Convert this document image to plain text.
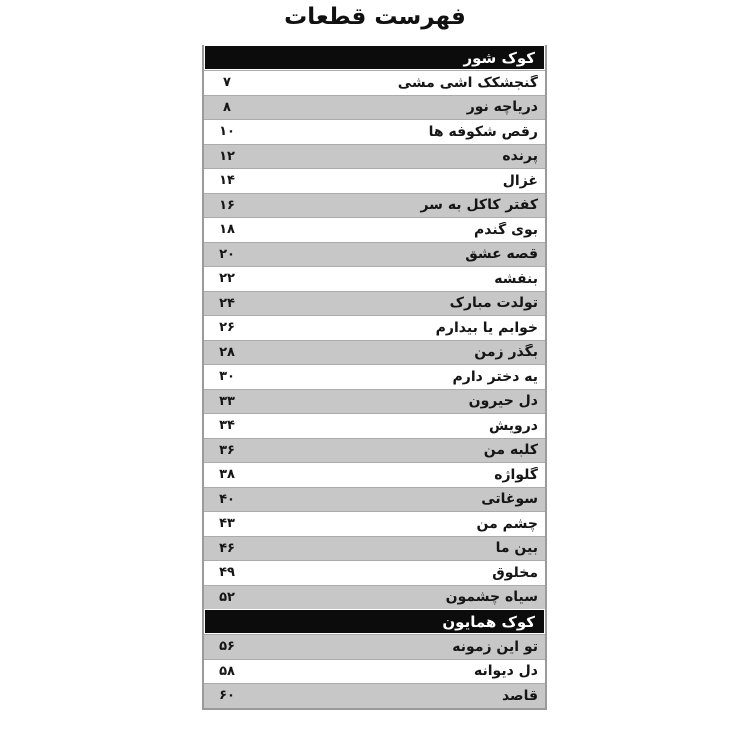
فهرست قطعات
کوک شور
گنجشکک اشی مشی
۷
دریاچه نور
۸
رقص شکوفه ها
۱۰
پرنده
۱۲
غزال
۱۴
کفتر کاکل به سر
۱۶
بوی گندم
۱۸
قصه عشق
۲۰
بنفشه
۲۲
تولدت مبارک
۲۴
خوابم یا بیدارم
۲۶
بگذر زمن
۲۸
یه دختر دارم
۳۰
دل حیرون
۳۳
درویش
۳۴
کلبه من
۳۶
گلواژه
۳۸
سوغاتی
۴۰
چشم من
۴۳
بین ما
۴۶
مخلوق
۴۹
سیاه چشمون
۵۲
کوک همایون
تو این زمونه
۵۶
دل دیوانه
۵۸
قاصد
۶۰
